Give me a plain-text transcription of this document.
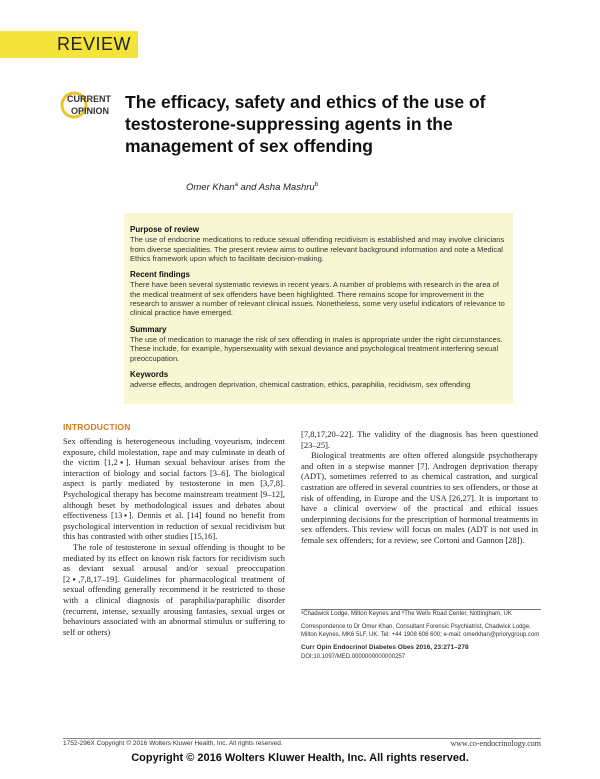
REVIEW

CURRENT
OPINION The efficacy, safety and ethics of the use of testosterone-suppressing agents in the management of sex offending

Omer Khan$^a$ and Asha Mashru$^b$

Purpose of review

The use of endocrine medications to reduce sexual offending recidivism is established and may involve clinicians from diverse specialities. The present review aims to outline relevant background information and note a Medical Ethics framework upon which to facilitate decision-making.

Recent findings

There have been several systematic reviews in recent years. A number of problems with research in the area of the medical treatment of sex offenders have been highlighted. There remains scope for improvement in the research to answer a number of relevant clinical issues. Nonetheless, some very useful indicators of relevance to clinical practice have emerged.

Summary

The use of medication to manage the risk of sex offending in males is appropriate under the right circumstances. These include, for example, hypersexuality with sexual deviance and psychological treatment interfering sexual preoccupation.

Keywords

adverse effects, androgen deprivation, chemical castration, ethics, paraphilia, recidivism, sex offending

INTRODUCTION

Sex offending is heterogeneous including voyeurism, indecent exposure, child molestation, rape and may culminate in death of the victim [1,2▪]. Human sexual behaviour arises from the interaction of biology and social factors [3–6]. The biological aspect is partly mediated by testosterone in men [3,7,8]. Psychological therapy has become mainstream treatment [9–12], although beset by methodological issues and debates about effectiveness [13▪]. Dennis et al. [14] found no benefit from psychological intervention in reduction of sexual recidivism but this has contrasted with other studies [15,16].

The role of testosterone in sexual offending is thought to be mediated by its effect on known risk factors for recidivism such as deviant sexual arousal and/or sexual preoccupation [2▪,7,8,17–19]. Guidelines for pharmacological treatment of sexual offending generally recommend it be restricted to those with a clinical diagnosis of paraphilia/paraphilic disorder (recurrent, intense, sexually arousing fantasies, sexual urges or behaviours associated with an abnormal stimulus or suffering to self or others)

[7,8,17,20–22]. The validity of the diagnosis has been questioned [23–25].

Biological treatments are often offered alongside psychotherapy and often in a stepwise manner [7]. Androgen deprivation therapy (ADT), sometimes referred to as chemical castration, and surgical castration are offered in several countries to sex offenders, or those at risk of offending, in Europe and the USA [26,27]. It is important to have a clinical overview of the practical and ethical issues underpinning decisions for the prescription of hormonal treatments in sex offenders. This review will focus on males (ADT is not used in female sex offenders; for a review, see Cortoni and Gannon [28]).

ᵃChadwick Lodge, Milton Keynes and ᵇThe Wells Road Center, Nottingham, UK

Correspondence to Dr Omer Khan, Consultant Forensic Psychiatrist, Chadwick Lodge, Milton Keynes, MK6 5LF, UK. Tel: +44 1908 608 600; e-mail: omerkhan@priorygroup.com

Curr Opin Endocrinol Diabetes Obes 2016, 23:271–278

DOI:10.1097/MED.0000000000000257

1752-296X Copyright © 2016 Wolters Kluwer Health, Inc. All rights reserved.	www.co-endocrinology.com

Copyright © 2016 Wolters Kluwer Health, Inc. All rights reserved.
